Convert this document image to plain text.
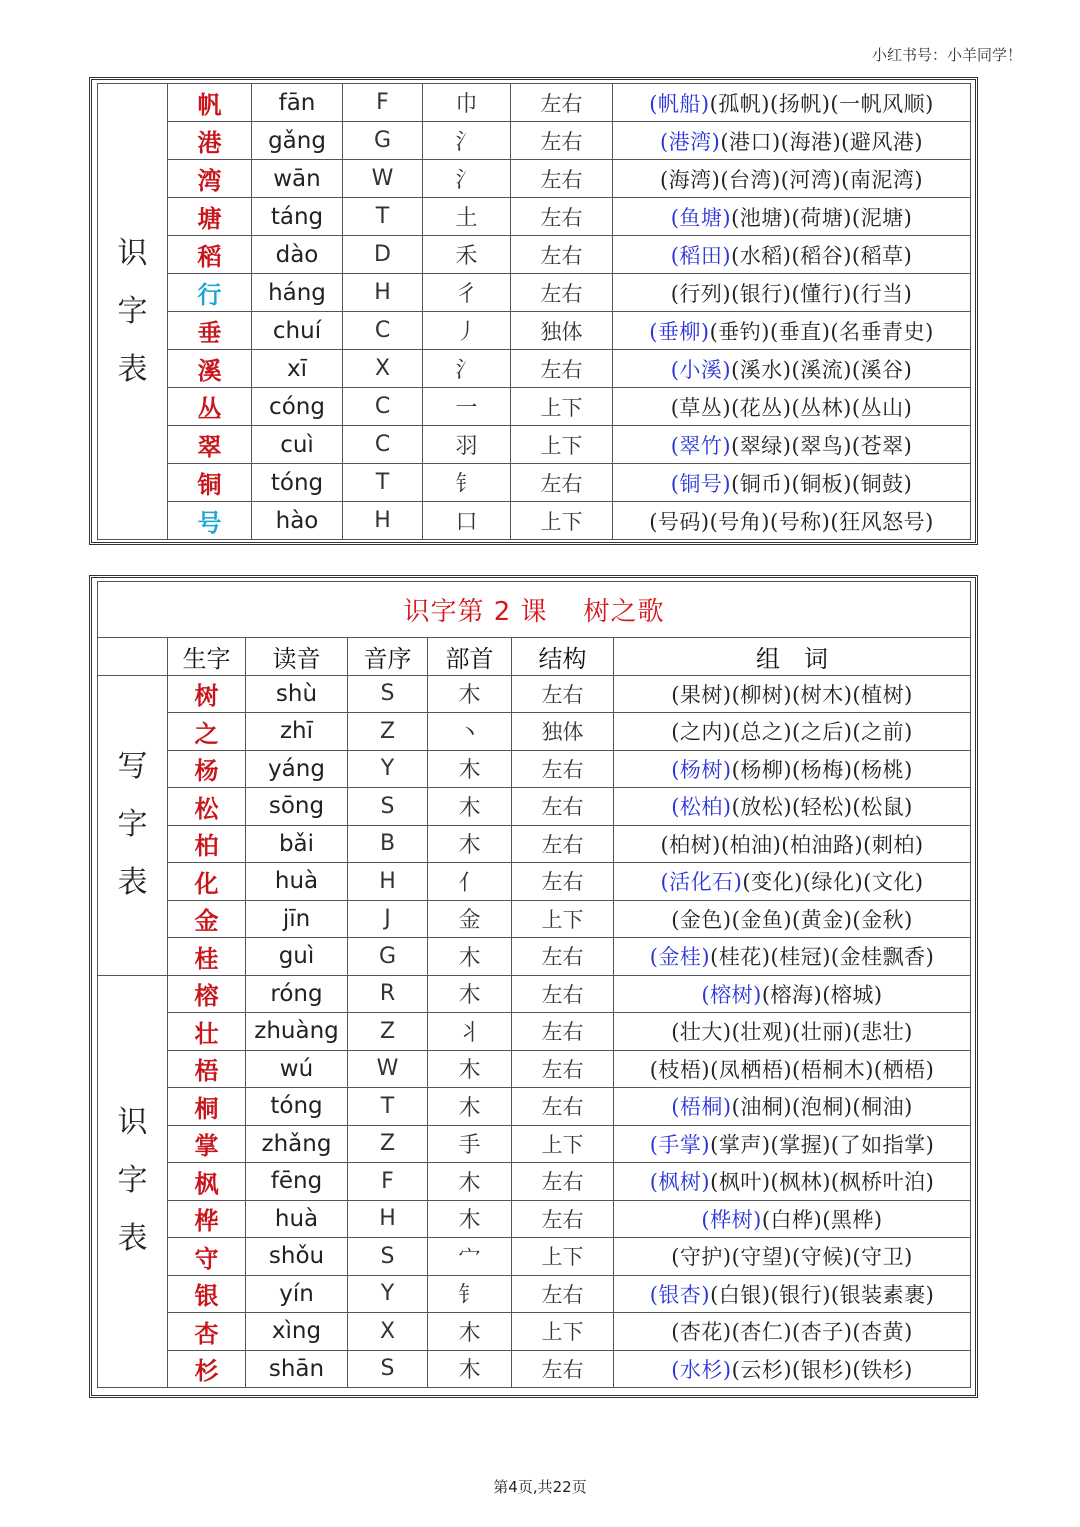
小红书号：小羊同学！
识
字
表	帆	fān	F	巾	左右	(帆船)(孤帆)(扬帆)(一帆风顺)
	港	gǎng	G	氵	左右	(港湾)(港口)(海港)(避风港)
	湾	wān	W	氵	左右	(海湾)(台湾)(河湾)(南泥湾)
	塘	táng	T	土	左右	(鱼塘)(池塘)(荷塘)(泥塘)
	稻	dào	D	禾	左右	(稻田)(水稻)(稻谷)(稻草)
	行	háng	H	彳	左右	(行列)(银行)(懂行)(行当)
	垂	chuí	C	丿	独体	(垂柳)(垂钓)(垂直)(名垂青史)
	溪	xī	X	氵	左右	(小溪)(溪水)(溪流)(溪谷)
	丛	cóng	C	一	上下	(草丛)(花丛)(丛林)(丛山)
	翠	cuì	C	羽	上下	(翠竹)(翠绿)(翠鸟)(苍翠)
	铜	tóng	T	钅	左右	(铜号)(铜币)(铜板)(铜鼓)
	号	hào	H	口	上下	(号码)(号角)(号称)(狂风怒号)
识字第 2 课 树之歌						
	生字	读音	音序	部首	结构	组　词

写
字
表	树	shù	S	木	左右	(果树)(柳树)(树木)(植树)
	之	zhī	Z	丶	独体	(之内)(总之)(之后)(之前)
	杨	yáng	Y	木	左右	(杨树)(杨柳)(杨梅)(杨桃)
	松	sōng	S	木	左右	(松柏)(放松)(轻松)(松鼠)
	柏	bǎi	B	木	左右	(柏树)(柏油)(柏油路)(刺柏)
	化	huà	H	亻	左右	(活化石)(变化)(绿化)(文化)
	金	jīn	J	金	上下	(金色)(金鱼)(黄金)(金秋)
	桂	guì	G	木	左右	(金桂)(桂花)(桂冠)(金桂飘香)

识
字
表	榕	róng	R	木	左右	(榕树)(榕海)(榕城)
	壮	zhuàng	Z	丬	左右	(壮大)(壮观)(壮丽)(悲壮)
	梧	wú	W	木	左右	(枝梧)(凤栖梧)(梧桐木)(栖梧)
	桐	tóng	T	木	左右	(梧桐)(油桐)(泡桐)(桐油)
	掌	zhǎng	Z	手	上下	(手掌)(掌声)(掌握)(了如指掌)
	枫	fēng	F	木	左右	(枫树)(枫叶)(枫林)(枫桥叶泊)
	桦	huà	H	木	左右	(桦树)(白桦)(黑桦)
	守	shǒu	S	宀	上下	(守护)(守望)(守候)(守卫)
	银	yín	Y	钅	左右	(银杏)(白银)(银行)(银装素裹)
	杏	xìng	X	木	上下	(杏花)(杏仁)(杏子)(杏黄)
	杉	shān	S	木	左右	(水杉)(云杉)(银杉)(铁杉)
第4页,共22页
